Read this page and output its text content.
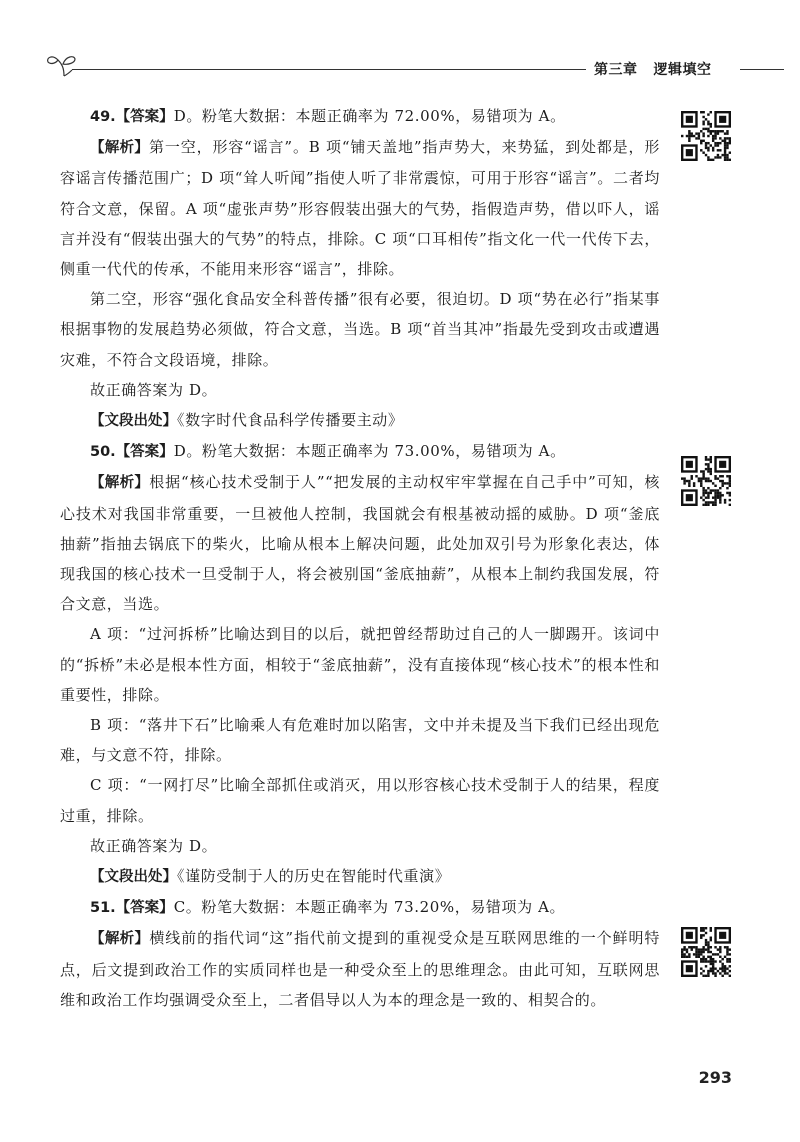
第三章 逻辑填空

49.【答案】D。粉笔大数据：本题正确率为 72.00%，易错项为 A。

【解析】第一空，形容“谣言”。B 项“铺天盖地”指声势大，来势猛，到处都是，形容谣言传播范围广；D 项“耸人听闻”指使人听了非常震惊，可用于形容“谣言”。二者均符合文意，保留。A 项“虚张声势”形容假装出强大的气势，指假造声势，借以吓人，谣言并没有“假装出强大的气势”的特点，排除。C 项“口耳相传”指文化一代一代传下去，侧重一代代的传承，不能用来形容“谣言”，排除。

第二空，形容“强化食品安全科普传播”很有必要，很迫切。D 项“势在必行”指某事根据事物的发展趋势必须做，符合文意，当选。B 项“首当其冲”指最先受到攻击或遭遇灾难，不符合文段语境，排除。

故正确答案为 D。

【文段出处】《数字时代食品科学传播要主动》

50.【答案】D。粉笔大数据：本题正确率为 73.00%，易错项为 A。

【解析】根据“核心技术受制于人”“把发展的主动权牢牢掌握在自己手中”可知，核心技术对我国非常重要，一旦被他人控制，我国就会有根基被动摇的威胁。D 项“釜底抽薪”指抽去锅底下的柴火，比喻从根本上解决问题，此处加双引号为形象化表达，体现我国的核心技术一旦受制于人，将会被别国“釜底抽薪”，从根本上制约我国发展，符合文意，当选。

A 项：“过河拆桥”比喻达到目的以后，就把曾经帮助过自己的人一脚踢开。该词中的“拆桥”未必是根本性方面，相较于“釜底抽薪”，没有直接体现“核心技术”的根本性和重要性，排除。

B 项：“落井下石”比喻乘人有危难时加以陷害，文中并未提及当下我们已经出现危难，与文意不符，排除。

C 项：“一网打尽”比喻全部抓住或消灭，用以形容核心技术受制于人的结果，程度过重，排除。

故正确答案为 D。

【文段出处】《谨防受制于人的历史在智能时代重演》

51.【答案】C。粉笔大数据：本题正确率为 73.20%，易错项为 A。

【解析】横线前的指代词“这”指代前文提到的重视受众是互联网思维的一个鲜明特点，后文提到政治工作的实质同样也是一种受众至上的思维理念。由此可知，互联网思维和政治工作均强调受众至上，二者倡导以人为本的理念是一致的、相契合的。

293
